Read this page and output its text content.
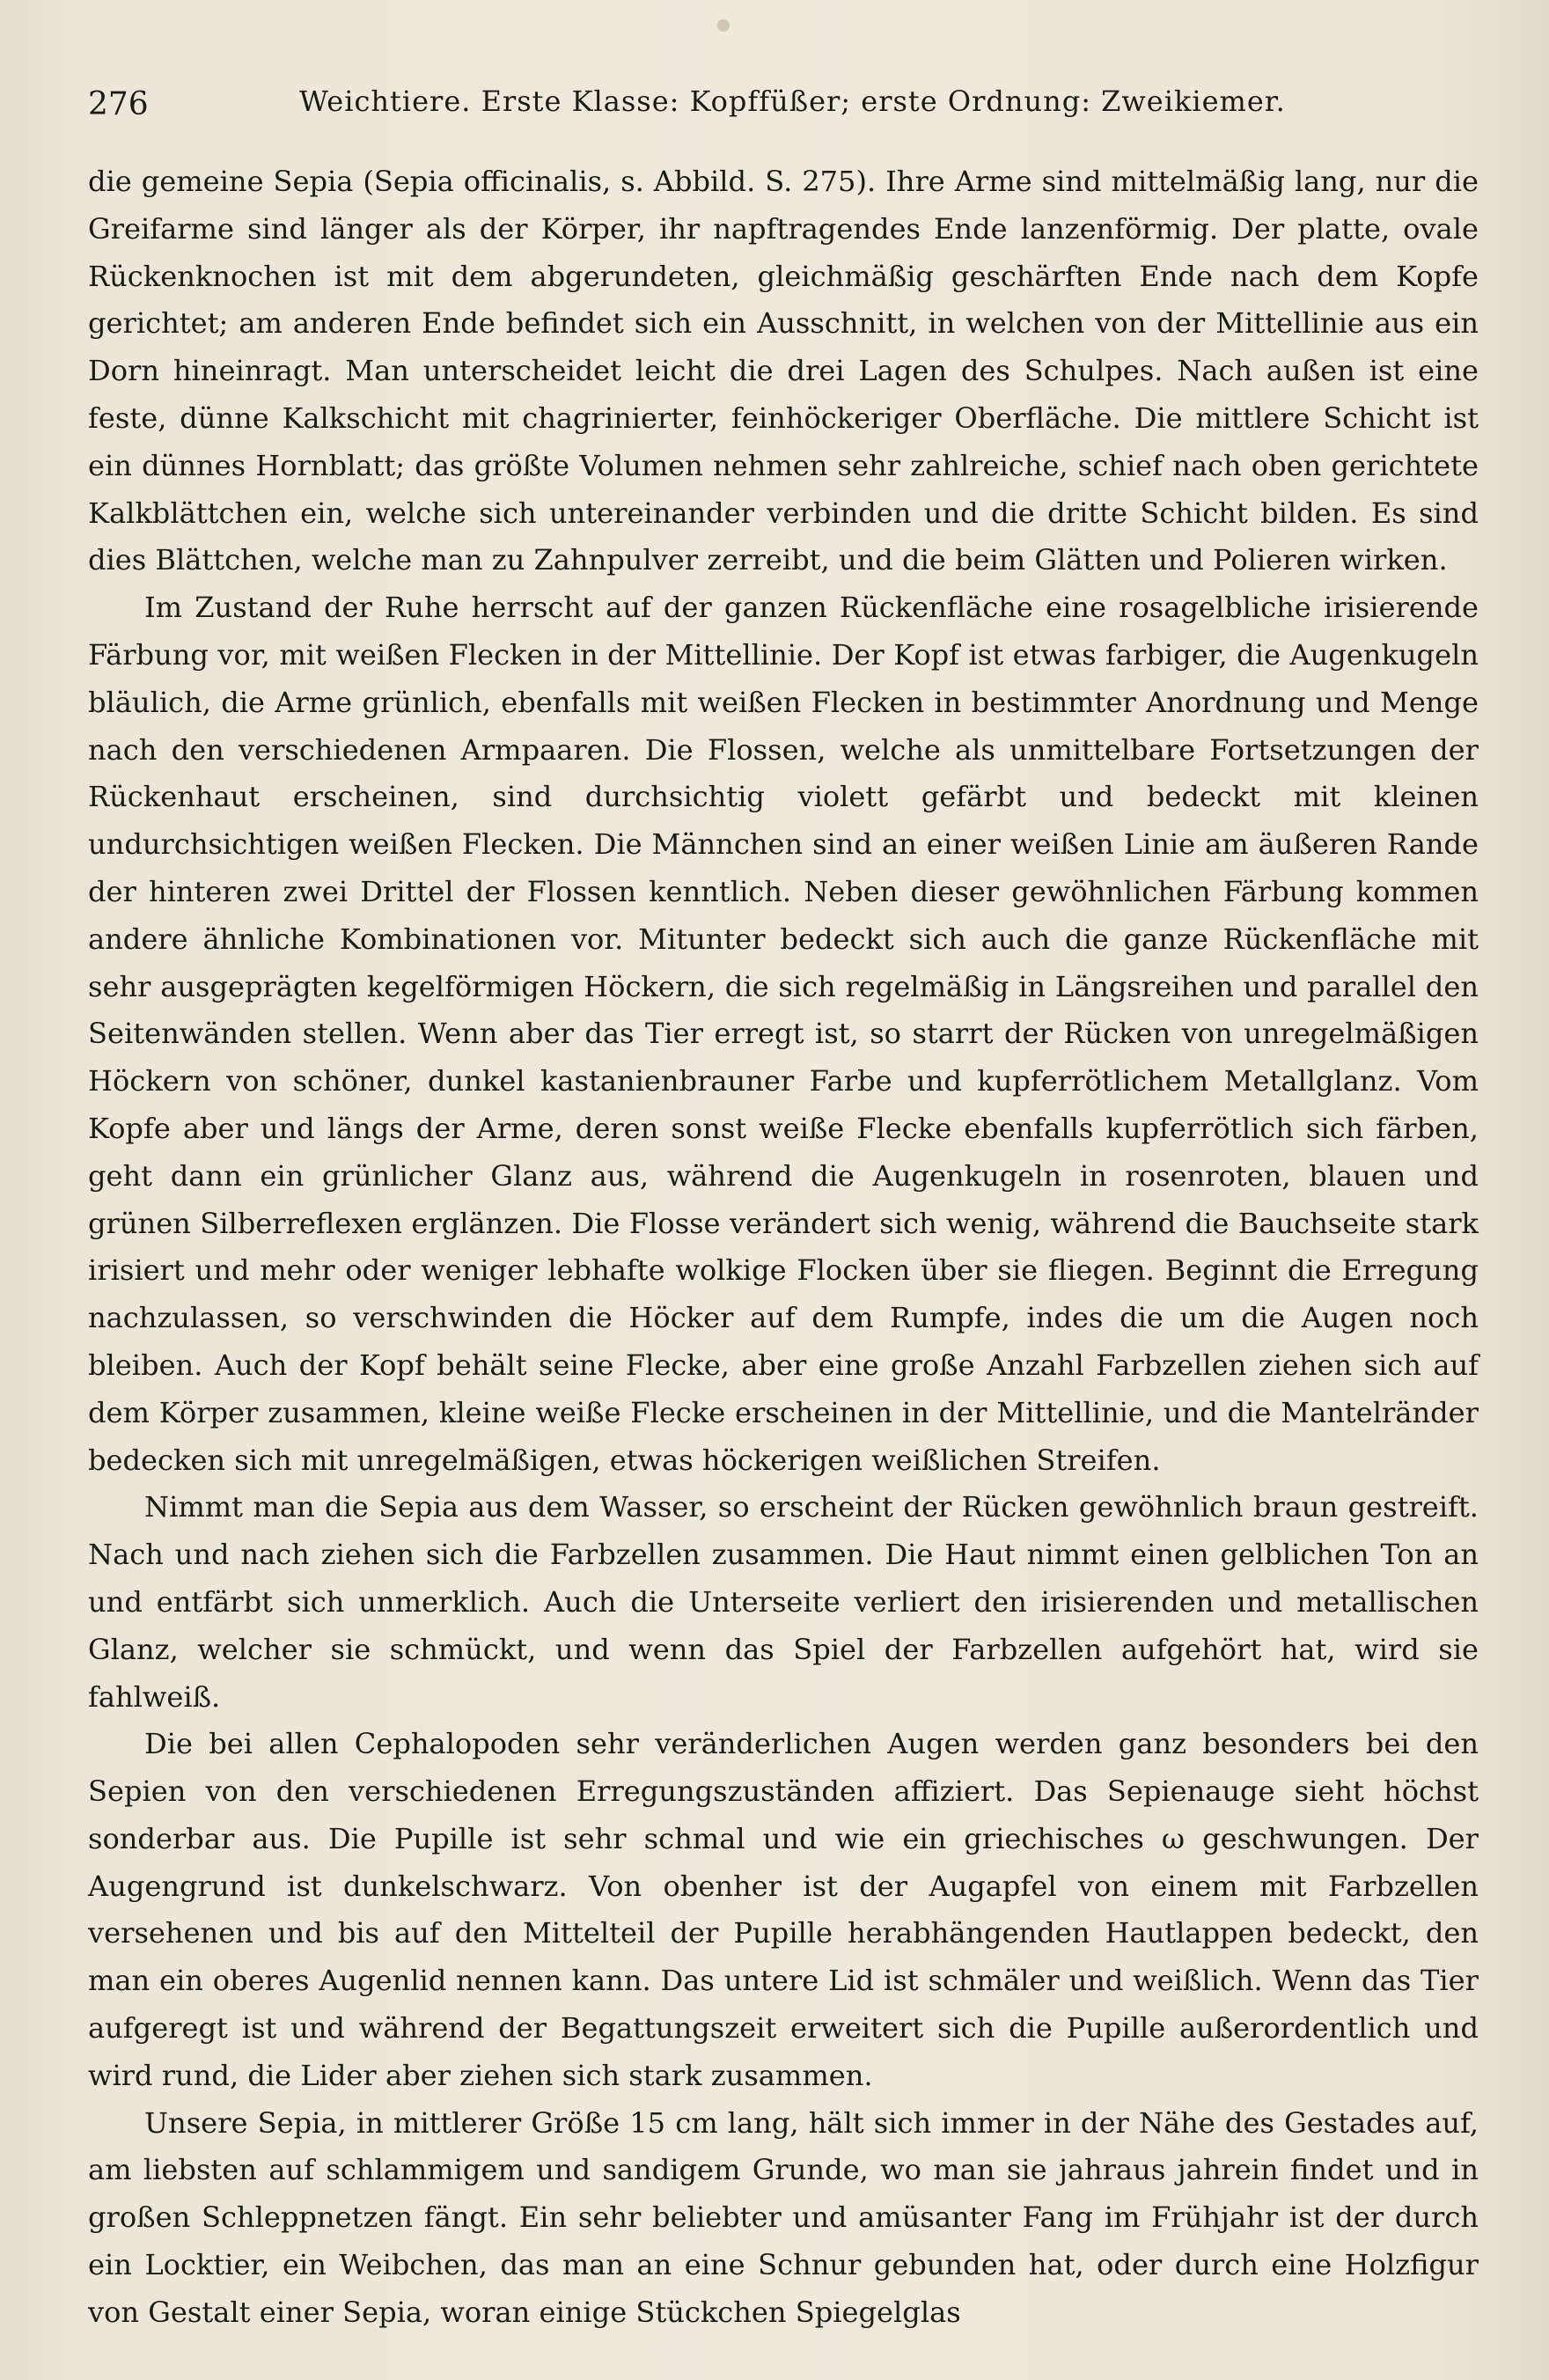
276	Weichtiere. Erste Klasse: Kopffüßer; erste Ordnung: Zweikiemer.

die gemeine Sepia (Sepia officinalis, s. Abbild. S. 275). Ihre Arme sind mittelmäßig lang, nur die Greifarme sind länger als der Körper, ihr napftragendes Ende lanzenförmig. Der platte, ovale Rückenknochen ist mit dem abgerundeten, gleichmäßig geschärften Ende nach dem Kopfe gerichtet; am anderen Ende befindet sich ein Ausschnitt, in welchen von der Mittellinie aus ein Dorn hineinragt. Man unterscheidet leicht die drei Lagen des Schulpes. Nach außen ist eine feste, dünne Kalkschicht mit chagrinierter, feinhöckeriger Oberfläche. Die mittlere Schicht ist ein dünnes Hornblatt; das größte Volumen nehmen sehr zahlreiche, schief nach oben gerichtete Kalkblättchen ein, welche sich untereinander verbinden und die dritte Schicht bilden. Es sind dies Blättchen, welche man zu Zahnpulver zerreibt, und die beim Glätten und Polieren wirken.

Im Zustand der Ruhe herrscht auf der ganzen Rückenfläche eine rosagelbliche irisierende Färbung vor, mit weißen Flecken in der Mittellinie. Der Kopf ist etwas farbiger, die Augenkugeln bläulich, die Arme grünlich, ebenfalls mit weißen Flecken in bestimmter Anordnung und Menge nach den verschiedenen Armpaaren. Die Flossen, welche als unmittelbare Fortsetzungen der Rückenhaut erscheinen, sind durchsichtig violett gefärbt und bedeckt mit kleinen undurchsichtigen weißen Flecken. Die Männchen sind an einer weißen Linie am äußeren Rande der hinteren zwei Drittel der Flossen kenntlich. Neben dieser gewöhnlichen Färbung kommen andere ähnliche Kombinationen vor. Mitunter bedeckt sich auch die ganze Rückenfläche mit sehr ausgeprägten kegelförmigen Höckern, die sich regelmäßig in Längsreihen und parallel den Seitenwänden stellen. Wenn aber das Tier erregt ist, so starrt der Rücken von unregelmäßigen Höckern von schöner, dunkel kastanienbrauner Farbe und kupferrötlichem Metallglanz. Vom Kopfe aber und längs der Arme, deren sonst weiße Flecke ebenfalls kupferrötlich sich färben, geht dann ein grünlicher Glanz aus, während die Augenkugeln in rosenroten, blauen und grünen Silberreflexen erglänzen. Die Flosse verändert sich wenig, während die Bauchseite stark irisiert und mehr oder weniger lebhafte wolkige Flocken über sie fliegen. Beginnt die Erregung nachzulassen, so verschwinden die Höcker auf dem Rumpfe, indes die um die Augen noch bleiben. Auch der Kopf behält seine Flecke, aber eine große Anzahl Farbzellen ziehen sich auf dem Körper zusammen, kleine weiße Flecke erscheinen in der Mittellinie, und die Mantelränder bedecken sich mit unregelmäßigen, etwas höckerigen weißlichen Streifen.

Nimmt man die Sepia aus dem Wasser, so erscheint der Rücken gewöhnlich braun gestreift. Nach und nach ziehen sich die Farbzellen zusammen. Die Haut nimmt einen gelblichen Ton an und entfärbt sich unmerklich. Auch die Unterseite verliert den irisierenden und metallischen Glanz, welcher sie schmückt, und wenn das Spiel der Farbzellen aufgehört hat, wird sie fahlweiß.

Die bei allen Cephalopoden sehr veränderlichen Augen werden ganz besonders bei den Sepien von den verschiedenen Erregungszuständen affiziert. Das Sepienauge sieht höchst sonderbar aus. Die Pupille ist sehr schmal und wie ein griechisches ω geschwungen. Der Augengrund ist dunkelschwarz. Von obenher ist der Augapfel von einem mit Farbzellen versehenen und bis auf den Mittelteil der Pupille herabhängenden Hautlappen bedeckt, den man ein oberes Augenlid nennen kann. Das untere Lid ist schmäler und weißlich. Wenn das Tier aufgeregt ist und während der Begattungszeit erweitert sich die Pupille außerordentlich und wird rund, die Lider aber ziehen sich stark zusammen.

Unsere Sepia, in mittlerer Größe 15 cm lang, hält sich immer in der Nähe des Gestades auf, am liebsten auf schlammigem und sandigem Grunde, wo man sie jahraus jahrein findet und in großen Schleppnetzen fängt. Ein sehr beliebter und amüsanter Fang im Frühjahr ist der durch ein Locktier, ein Weibchen, das man an eine Schnur gebunden hat, oder durch eine Holzfigur von Gestalt einer Sepia, woran einige Stückchen Spiegelglas
